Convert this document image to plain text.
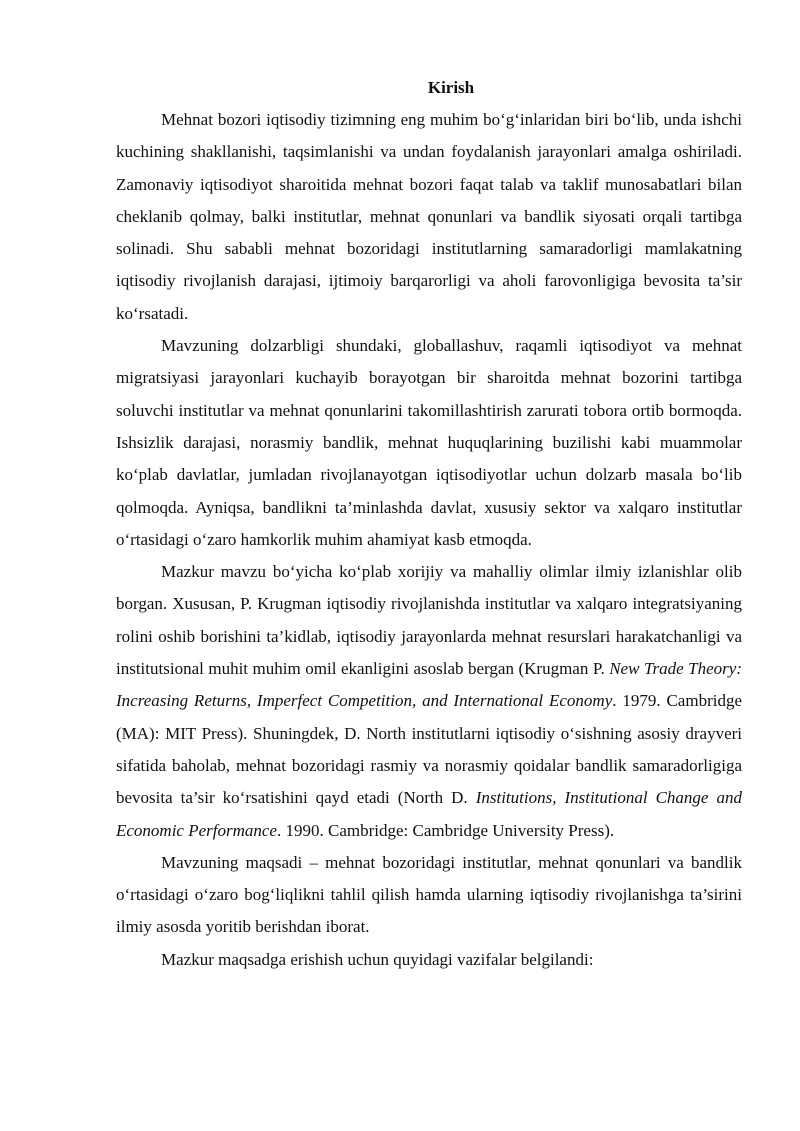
Kirish

Mehnat bozori iqtisodiy tizimning eng muhim bo‘g‘inlaridan biri bo‘lib, unda ishchi kuchining shakllanishi, taqsimlanishi va undan foydalanish jarayonlari amalga oshiriladi. Zamonaviy iqtisodiyot sharoitida mehnat bozori faqat talab va taklif munosabatlari bilan cheklanib qolmay, balki institutlar, mehnat qonunlari va bandlik siyosati orqali tartibga solinadi. Shu sababli mehnat bozoridagi institutlarning samaradorligi mamlakatning iqtisodiy rivojlanish darajasi, ijtimoiy barqarorligi va aholi farovonligiga bevosita ta’sir ko‘rsatadi.

Mavzuning dolzarbligi shundaki, globallashuv, raqamli iqtisodiyot va mehnat migratsiyasi jarayonlari kuchayib borayotgan bir sharoitda mehnat bozorini tartibga soluvchi institutlar va mehnat qonunlarini takomillashtirish zarurati tobora ortib bormoqda. Ishsizlik darajasi, norasmiy bandlik, mehnat huquqlarining buzilishi kabi muammolar ko‘plab davlatlar, jumladan rivojlanayotgan iqtisodiyotlar uchun dolzarb masala bo‘lib qolmoqda. Ayniqsa, bandlikni ta’minlashda davlat, xususiy sektor va xalqaro institutlar o‘rtasidagi o‘zaro hamkorlik muhim ahamiyat kasb etmoqda.

Mazkur mavzu bo‘yicha ko‘plab xorijiy va mahalliy olimlar ilmiy izlanishlar olib borgan. Xususan, P. Krugman iqtisodiy rivojlanishda institutlar va xalqaro integratsiyaning rolini oshib borishini ta’kidlab, iqtisodiy jarayonlarda mehnat resurslari harakatchanligi va institutsional muhit muhim omil ekanligini asoslab bergan (Krugman P. New Trade Theory: Increasing Returns, Imperfect Competition, and International Economy. 1979. Cambridge (MA): MIT Press). Shuningdek, D. North institutlarni iqtisodiy o‘sishning asosiy drayveri sifatida baholab, mehnat bozoridagi rasmiy va norasmiy qoidalar bandlik samaradorligiga bevosita ta’sir ko‘rsatishini qayd etadi (North D. Institutions, Institutional Change and Economic Performance. 1990. Cambridge: Cambridge University Press).

Mavzuning maqsadi – mehnat bozoridagi institutlar, mehnat qonunlari va bandlik o‘rtasidagi o‘zaro bog‘liqlikni tahlil qilish hamda ularning iqtisodiy rivojlanishga ta’sirini ilmiy asosda yoritib berishdan iborat.

Mazkur maqsadga erishish uchun quyidagi vazifalar belgilandi:
